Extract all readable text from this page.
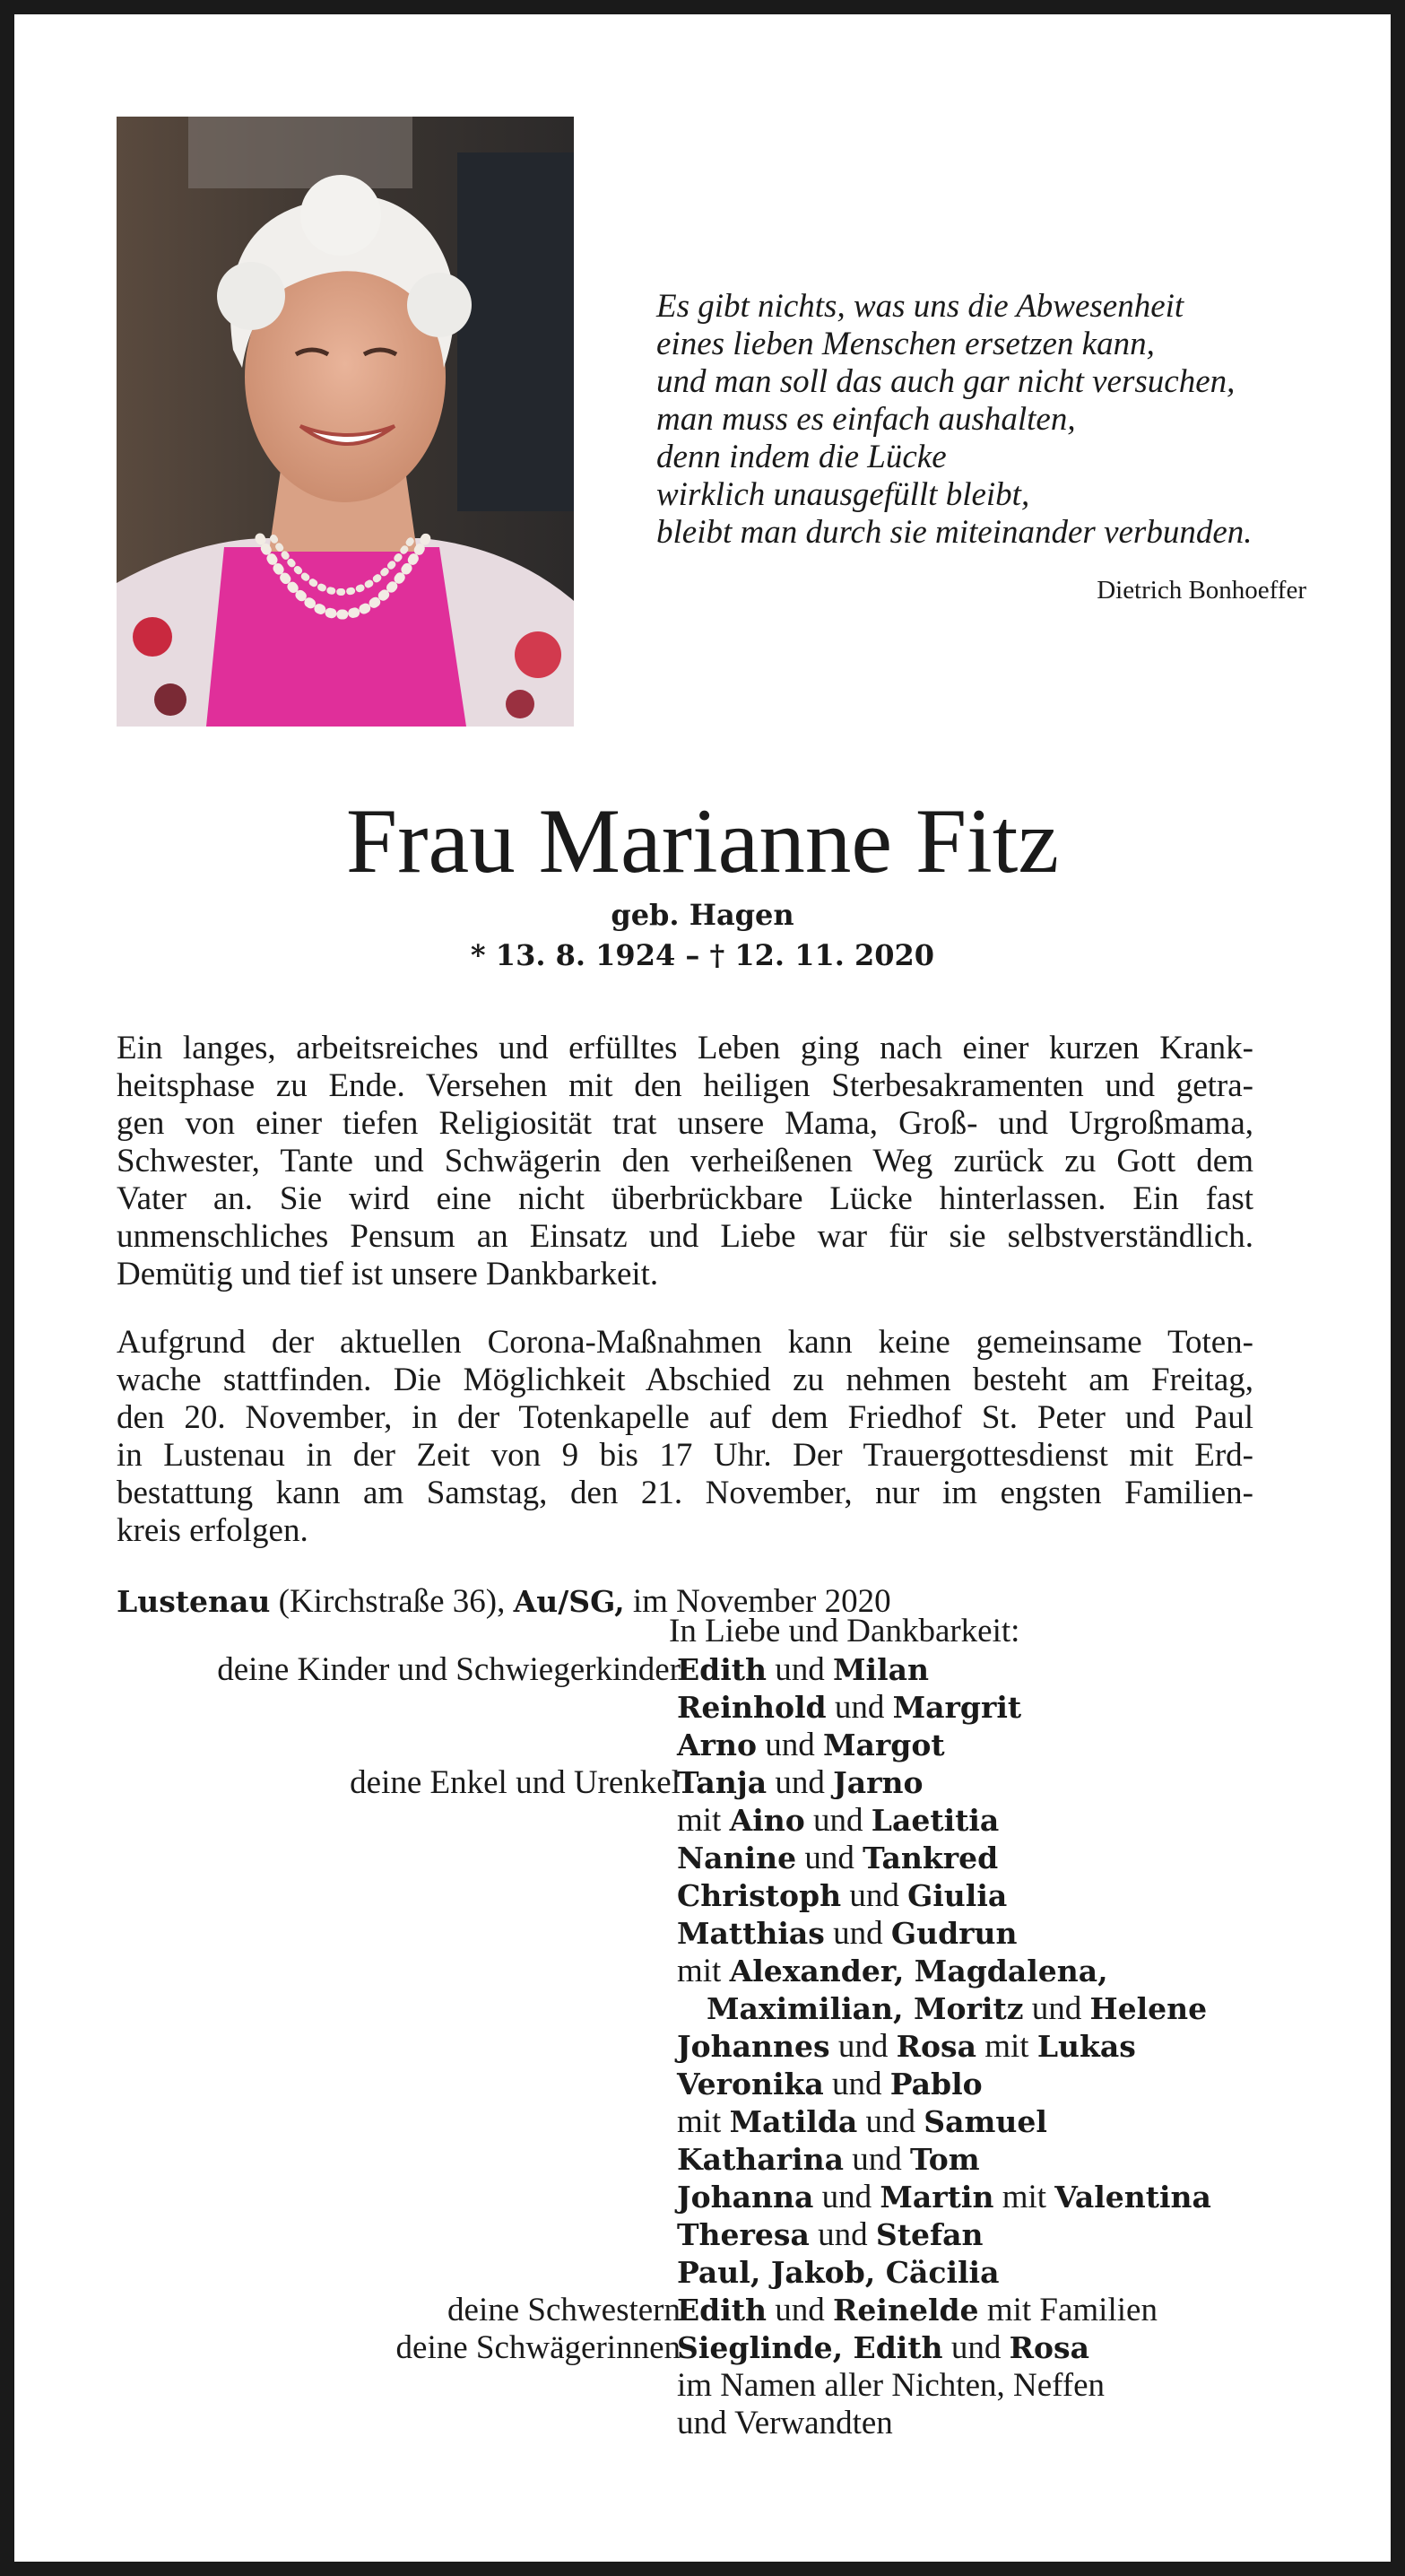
Es gibt nichts, was uns die Abwesenheit
eines lieben Menschen ersetzen kann,
und man soll das auch gar nicht versuchen,
man muss es einfach aushalten,
denn indem die Lücke
wirklich unausgefüllt bleibt,
bleibt man durch sie miteinander verbunden.
Dietrich Bonhoeffer
Frau Marianne Fitz
geb. Hagen
* 13. 8. 1924 – † 12. 11. 2020
Ein langes, arbeitsreiches und erfülltes Leben ging nach einer kurzen Krank-
heitsphase zu Ende. Versehen mit den heiligen Sterbesakramenten und getra-
gen von einer tiefen Religiosität trat unsere Mama, Groß- und Urgroßmama,
Schwester, Tante und Schwägerin den verheißenen Weg zurück zu Gott dem
Vater an. Sie wird eine nicht überbrückbare Lücke hinterlassen. Ein fast
unmenschliches Pensum an Einsatz und Liebe war für sie selbstverständlich.
Demütig und tief ist unsere Dankbarkeit.
Aufgrund der aktuellen Corona-Maßnahmen kann keine gemeinsame Toten-
wache stattfinden. Die Möglichkeit Abschied zu nehmen besteht am Freitag,
den 20. November, in der Totenkapelle auf dem Friedhof St. Peter und Paul
in Lustenau in der Zeit von 9 bis 17 Uhr. Der Trauergottesdienst mit Erd-
bestattung kann am Samstag, den 21. November, nur im engsten Familien-
kreis erfolgen.
Lustenau (Kirchstraße 36), Au/SG, im November 2020
In Liebe und Dankbarkeit:
deine Kinder und Schwiegerkinder
Edith und Milan
Reinhold und Margrit
Arno und Margot
deine Enkel und Urenkel
Tanja und Jarno
mit Aino und Laetitia
Nanine und Tankred
Christoph und Giulia
Matthias und Gudrun
mit Alexander, Magdalena,
Maximilian, Moritz und Helene
Johannes und Rosa mit Lukas
Veronika und Pablo
mit Matilda und Samuel
Katharina und Tom
Johanna und Martin mit Valentina
Theresa und Stefan
Paul, Jakob, Cäcilia
deine Schwestern
Edith und Reinelde mit Familien
deine Schwägerinnen
Sieglinde, Edith und Rosa
im Namen aller Nichten, Neffen
und Verwandten
